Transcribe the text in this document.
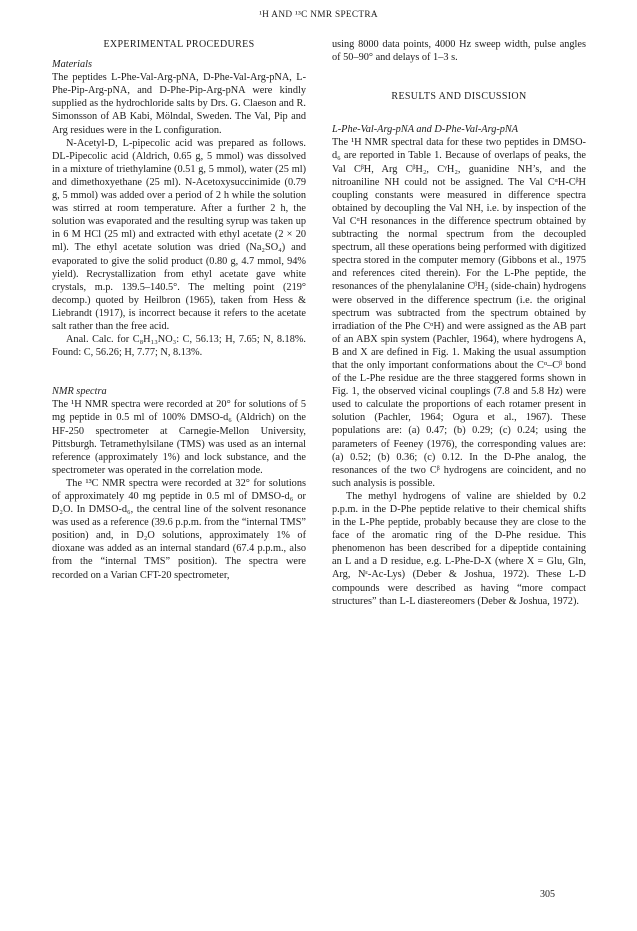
¹H AND ¹³C NMR SPECTRA
EXPERIMENTAL PROCEDURES

Materials

The peptides L-Phe-Val-Arg-pNA, D-Phe-Val-Arg-pNA, L-Phe-Pip-Arg-pNA, and D-Phe-Pip-Arg-pNA were kindly supplied as the hydrochloride salts by Drs. G. Claeson and R. Simonsson of AB Kabi, Mölndal, Sweden. The Val, Pip and Arg residues were in the L configuration.

N-Acetyl-D, L-pipecolic acid was prepared as follows. DL-Pipecolic acid (Aldrich, 0.65 g, 5 mmol) was dissolved in a mixture of triethylamine (0.51 g, 5 mmol), water (25 ml) and dimethoxyethane (25 ml). N-Acetoxysuccinimide (0.79 g, 5 mmol) was added over a period of 2 h while the solution was stirred at room temperature. After a further 2 h, the solution was evaporated and the resulting syrup was taken up in 6 M HCl (25 ml) and extracted with ethyl acetate (2 × 20 ml). The ethyl acetate solution was dried (Na₂SO₄) and evaporated to give the solid product (0.80 g, 4.7 mmol, 94% yield). Recrystallization from ethyl acetate gave white crystals, m.p. 139.5–140.5°. The melting point (219° decomp.) quoted by Heilbron (1965), taken from Hess & Liebrandt (1917), is incorrect because it refers to the acetate salt rather than the free acid.

Anal. Calc. for C₈H₁₃NO₃: C, 56.13; H, 7.65; N, 8.18%. Found: C, 56.26; H, 7.77; N, 8.13%.

NMR spectra

The ¹H NMR spectra were recorded at 20° for solutions of 5 mg peptide in 0.5 ml of 100% DMSO-d₆ (Aldrich) on the HF-250 spectrometer at Carnegie-Mellon University, Pittsburgh. Tetramethylsilane (TMS) was used as an internal reference (approximately 1%) and lock substance, and the spectrometer was operated in the correlation mode.

The ¹³C NMR spectra were recorded at 32° for solutions of approximately 40 mg peptide in 0.5 ml of DMSO-d₆ or D₂O. In DMSO-d₆, the central line of the solvent resonance was used as a reference (39.6 p.p.m. from the “internal TMS” position) and, in D₂O solutions, approximately 1% of dioxane was added as an internal standard (67.4 p.p.m., also from the “internal TMS” position). The spectra were recorded on a Varian CFT-20 spectrometer,

using 8000 data points, 4000 Hz sweep width, pulse angles of 50–90° and delays of 1–3 s.

RESULTS AND DISCUSSION

L-Phe-Val-Arg-pNA and D-Phe-Val-Arg-pNA

The ¹H NMR spectral data for these two peptides in DMSO-d₆ are reported in Table 1. Because of overlaps of peaks, the Val CᵝH, Arg CᵝH₂, CᵞH₂, guanidine NH’s, and the nitroaniline NH could not be assigned. The Val CᵅH-CᵝH coupling constants were measured in difference spectra obtained by decoupling the Val NH, i.e. by inspection of the Val CᵅH resonances in the difference spectrum obtained by subtracting the normal spectrum from the decoupled spectrum, all these operations being performed with digitized spectra stored in the computer memory (Gibbons et al., 1975 and references cited therein). For the L-Phe peptide, the resonances of the phenylalanine CᵝH₂ (side-chain) hydrogens were observed in the difference spectrum (i.e. the original spectrum was subtracted from the spectrum obtained by irradiation of the Phe CᵅH) and were assigned as the AB part of an ABX spin system (Pachler, 1964), where hydrogens A, B and X are defined in Fig. 1. Making the usual assumption that the only important conformations about the Cᵅ–Cᵝ bond of the L-Phe residue are the three staggered forms shown in Fig. 1, the observed vicinal couplings (7.8 and 5.8 Hz) were used to calculate the proportions of each rotamer present in solution (Pachler, 1964; Ogura et al., 1967). These populations are: (a) 0.47; (b) 0.29; (c) 0.24; using the parameters of Feeney (1976), the corresponding values are: (a) 0.52; (b) 0.36; (c) 0.12. In the D-Phe analog, the resonances of the two Cᵝ hydrogens are coincident, and no such analysis is possible.

The methyl hydrogens of valine are shielded by 0.2 p.p.m. in the D-Phe peptide relative to their chemical shifts in the L-Phe peptide, probably because they are close to the face of the aromatic ring of the D-Phe residue. This phenomenon has been described for a dipeptide containing an L and a D residue, e.g. L-Phe-D-X (where X = Glu, Gln, Arg, Nᵋ-Ac-Lys) (Deber & Joshua, 1972). These L-D compounds were described as having “more compact structures” than L-L diastereomers (Deber & Joshua, 1972).

305
